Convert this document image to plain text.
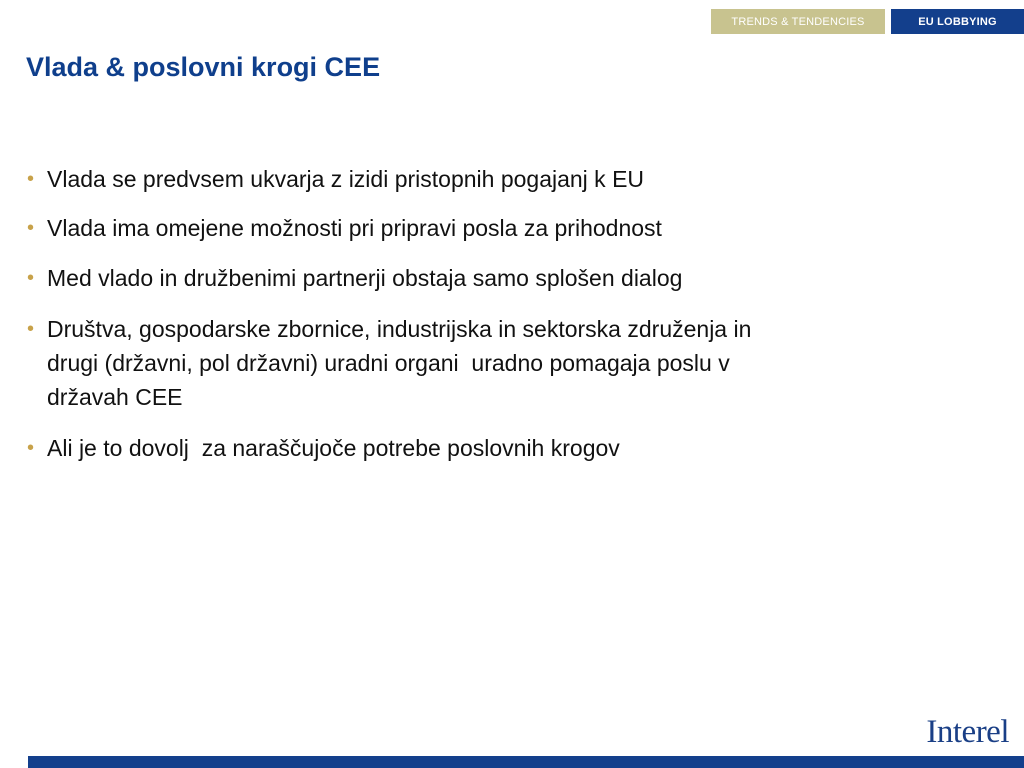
TRENDS & TENDENCIES	EU LOBBYING
Vlada & poslovni krogi CEE
• Vlada se predvsem ukvarja z izidi pristopnih pogajanj k EU
• Vlada ima omejene možnosti pri pripravi posla za prihodnost
• Med vlado in družbenimi partnerji obstaja samo splošen dialog
• Društva, gospodarske zbornice, industrijska in sektorska združenja in
drugi (državni, pol državni) uradni organi  uradno pomagaja poslu v
državah CEE
• Ali je to dovolj  za naraščujoče potrebe poslovnih krogov
Interel
